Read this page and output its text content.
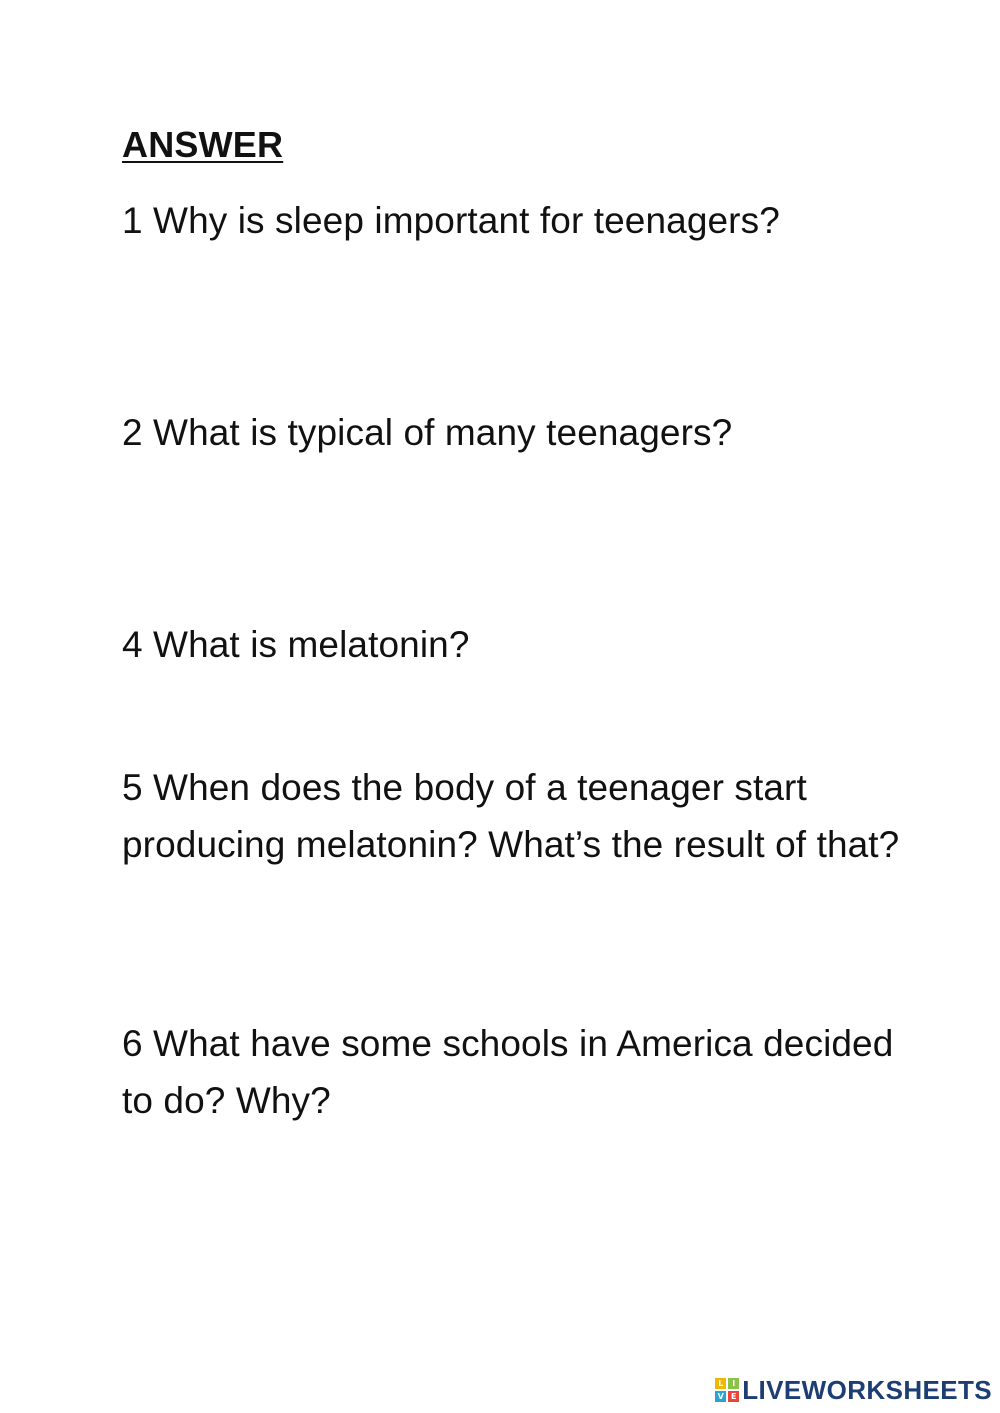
ANSWER
1 Why is sleep important for teenagers?
2 What is typical of many teenagers?
4 What is melatonin?
5 When does the body of a teenager start producing melatonin? What’s the result of that?
6 What have some schools in America decided to do? Why?
L	I
V E LIVEWORKSHEETS
